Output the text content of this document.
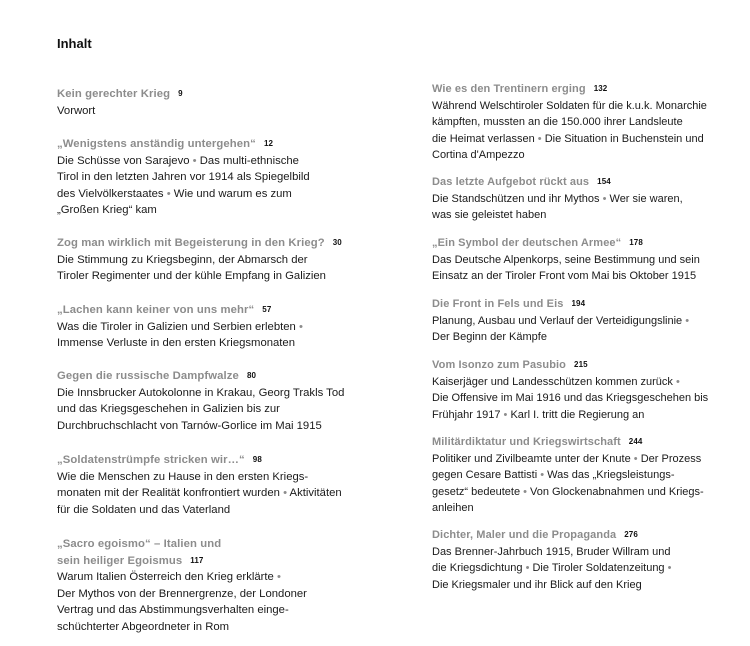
Inhalt
Kein gerechter Krieg 9
Vorwort
„Wenigstens anständig untergehen“ 12
Die Schüsse von Sarajevo • Das multi-ethnische
Tirol in den letzten Jahren vor 1914 als Spiegelbild
des Vielvölkerstaates • Wie und warum es zum
„Großen Krieg“ kam
Zog man wirklich mit Begeisterung in den Krieg? 30
Die Stimmung zu Kriegsbeginn, der Abmarsch der
Tiroler Regimenter und der kühle Empfang in Galizien
„Lachen kann keiner von uns mehr“ 57
Was die Tiroler in Galizien und Serbien erlebten •
Immense Verluste in den ersten Kriegsmonaten
Gegen die russische Dampfwalze 80
Die Innsbrucker Autokolonne in Krakau, Georg Trakls Tod
und das Kriegsgeschehen in Galizien bis zur
Durchbruchschlacht von Tarnów-Gorlice im Mai 1915
„Soldatenstrümpfe stricken wir…“ 98
Wie die Menschen zu Hause in den ersten Kriegs-
monaten mit der Realität konfrontiert wurden • Aktivitäten
für die Soldaten und das Vaterland
„Sacro egoismo“ – Italien und
sein heiliger Egoismus 117
Warum Italien Österreich den Krieg erklärte •
Der Mythos von der Brennergrenze, der Londoner
Vertrag und das Abstimmungsverhalten einge-
schüchterter Abgeordneter in Rom
Wie es den Trentinern erging 132
Während Welschtiroler Soldaten für die k.u.k. Monarchie
kämpften, mussten an die 150.000 ihrer Landsleute
die Heimat verlassen • Die Situation in Buchenstein und
Cortina d'Ampezzo
Das letzte Aufgebot rückt aus 154
Die Standschützen und ihr Mythos • Wer sie waren,
was sie geleistet haben
„Ein Symbol der deutschen Armee“ 178
Das Deutsche Alpenkorps, seine Bestimmung und sein
Einsatz an der Tiroler Front vom Mai bis Oktober 1915
Die Front in Fels und Eis 194
Planung, Ausbau und Verlauf der Verteidigungslinie •
Der Beginn der Kämpfe
Vom Isonzo zum Pasubio 215
Kaiserjäger und Landesschützen kommen zurück •
Die Offensive im Mai 1916 und das Kriegsgeschehen bis
Frühjahr 1917 • Karl I. tritt die Regierung an
Militärdiktatur und Kriegswirtschaft 244
Politiker und Zivilbeamte unter der Knute • Der Prozess
gegen Cesare Battisti • Was das „Kriegsleistungs-
gesetz“ bedeutete • Von Glockenabnahmen und Kriegs-
anleihen
Dichter, Maler und die Propaganda 276
Das Brenner-Jahrbuch 1915, Bruder Willram und
die Kriegsdichtung • Die Tiroler Soldatenzeitung •
Die Kriegsmaler und ihr Blick auf den Krieg
